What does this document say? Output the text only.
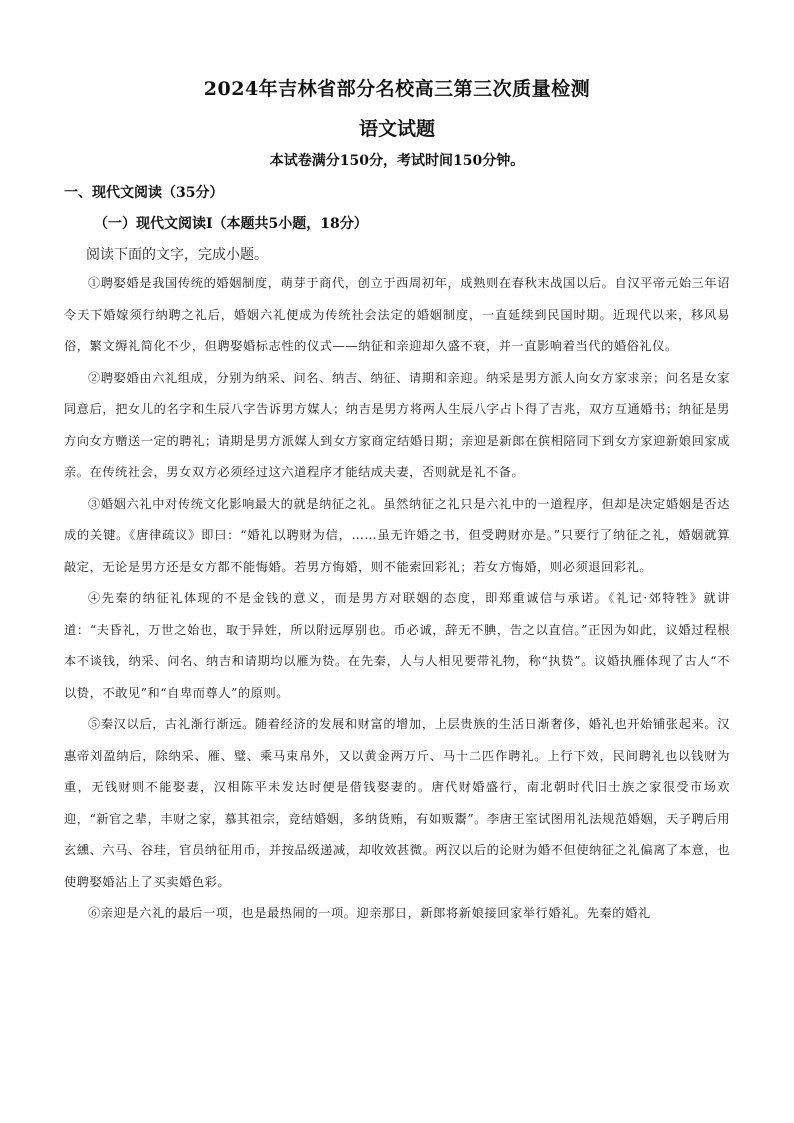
2024年吉林省部分名校高三第三次质量检测
语文试题
本试卷满分150分，考试时间150分钟。
一、现代文阅读（35分）
（一）现代文阅读Ⅰ（本题共5小题，18分）
阅读下面的文字，完成小题。

①聘娶婚是我国传统的婚姻制度，萌芽于商代，创立于西周初年，成熟则在春秋末战国以后。自汉平帝元始三年诏令天下婚嫁须行纳聘之礼后，婚姻六礼便成为传统社会法定的婚姻制度，一直延续到民国时期。近现代以来，移风易俗，繁文缛礼简化不少，但聘娶婚标志性的仪式——纳征和亲迎却久盛不衰，并一直影响着当代的婚俗礼仪。

②聘娶婚由六礼组成，分别为纳采、问名、纳吉、纳征、请期和亲迎。纳采是男方派人向女方家求亲；问名是女家同意后，把女儿的名字和生辰八字告诉男方媒人；纳吉是男方将两人生辰八字占卜得了吉兆，双方互通婚书；纳征是男方向女方赠送一定的聘礼；请期是男方派媒人到女方家商定结婚日期；亲迎是新郎在傧相陪同下到女方家迎新娘回家成亲。在传统社会，男女双方必须经过这六道程序才能结成夫妻，否则就是礼不备。

③婚姻六礼中对传统文化影响最大的就是纳征之礼。虽然纳征之礼只是六礼中的一道程序，但却是决定婚姻是否达成的关键。《唐律疏议》即曰：“婚礼以聘财为信，……虽无许婚之书，但受聘财亦是。”只要行了纳征之礼，婚姻就算敲定，无论是男方还是女方都不能悔婚。若男方悔婚，则不能索回彩礼；若女方悔婚，则必须退回彩礼。

④先秦的纳征礼体现的不是金钱的意义，而是男方对联姻的态度，即郑重诚信与承诺。《礼记·郊特牲》就讲道：“夫昏礼，万世之始也，取于异姓，所以附远厚别也。币必诚，辞无不腆，告之以直信。”正因为如此，议婚过程根本不谈钱，纳采、问名、纳吉和请期均以雁为贽。在先秦，人与人相见要带礼物，称“执贽”。议婚执雁体现了古人“不以贽，不敢见”和“自卑而尊人”的原则。

⑤秦汉以后，古礼渐行渐远。随着经济的发展和财富的增加，上层贵族的生活日渐奢侈，婚礼也开始铺张起来。汉惠帝刘盈纳后，除纳采、雁、璧、乘马束帛外，又以黄金两万斤、马十二匹作聘礼。上行下效，民间聘礼也以钱财为重，无钱财则不能娶妻，汉相陈平未发达时便是借钱娶妻的。唐代财婚盛行，南北朝时代旧士族之家很受市场欢迎，“新官之辈，丰财之家，慕其祖宗，竞结婚姻，多纳货贿，有如贩鬻”。李唐王室试图用礼法规范婚姻，天子聘后用玄纁、六马、谷珪，官员纳征用币，并按品级递减，却收效甚微。两汉以后的论财为婚不但使纳征之礼偏离了本意，也使聘娶婚沾上了买卖婚色彩。

⑥亲迎是六礼的最后一项，也是最热闹的一项。迎亲那日，新郎将新娘接回家举行婚礼。先秦的婚礼
